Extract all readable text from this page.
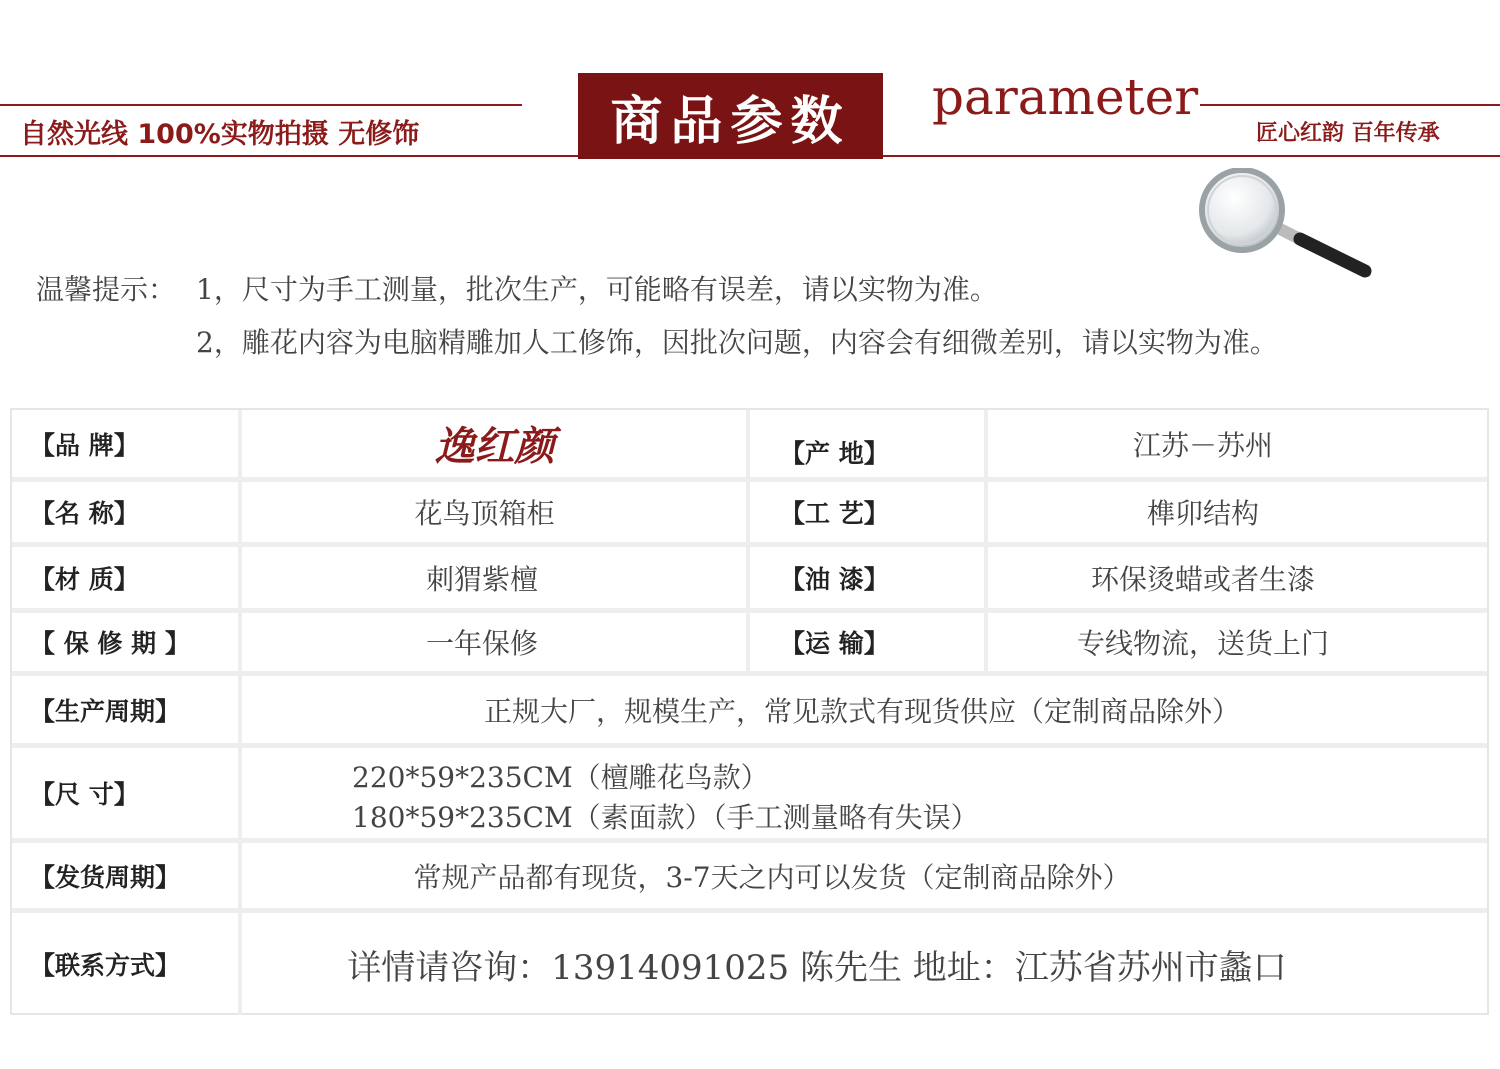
自然光线 100%实物拍摄 无修饰	商品参数 parameter
匠心红韵 百年传承
温馨提示： 1，尺寸为手工测量，批次生产，可能略有误差，请以实物为准。
2，雕花内容为电脑精雕加人工修饰，因批次问题，内容会有细微差别，请以实物为准。
【品 牌】	逸红颜	【产 地】	江苏－苏州
【名 称】	花鸟顶箱柜	【工 艺】	榫卯结构
【材 质】	刺猬紫檀	【油 漆】	环保烫蜡或者生漆
【 保 修 期 】	一年保修	【运 输】	专线物流，送货上门
【生产周期】	正规大厂，规模生产，常见款式有现货供应（定制商品除外）
【尺 寸】
220*59*235CM（檀雕花鸟款）
180*59*235CM（素面款）（手工测量略有失误）
【发货周期】	常规产品都有现货，3-7天之内可以发货（定制商品除外）
【联系方式】	详情请咨询：13914091025 陈先生 地址：江苏省苏州市蠡口
